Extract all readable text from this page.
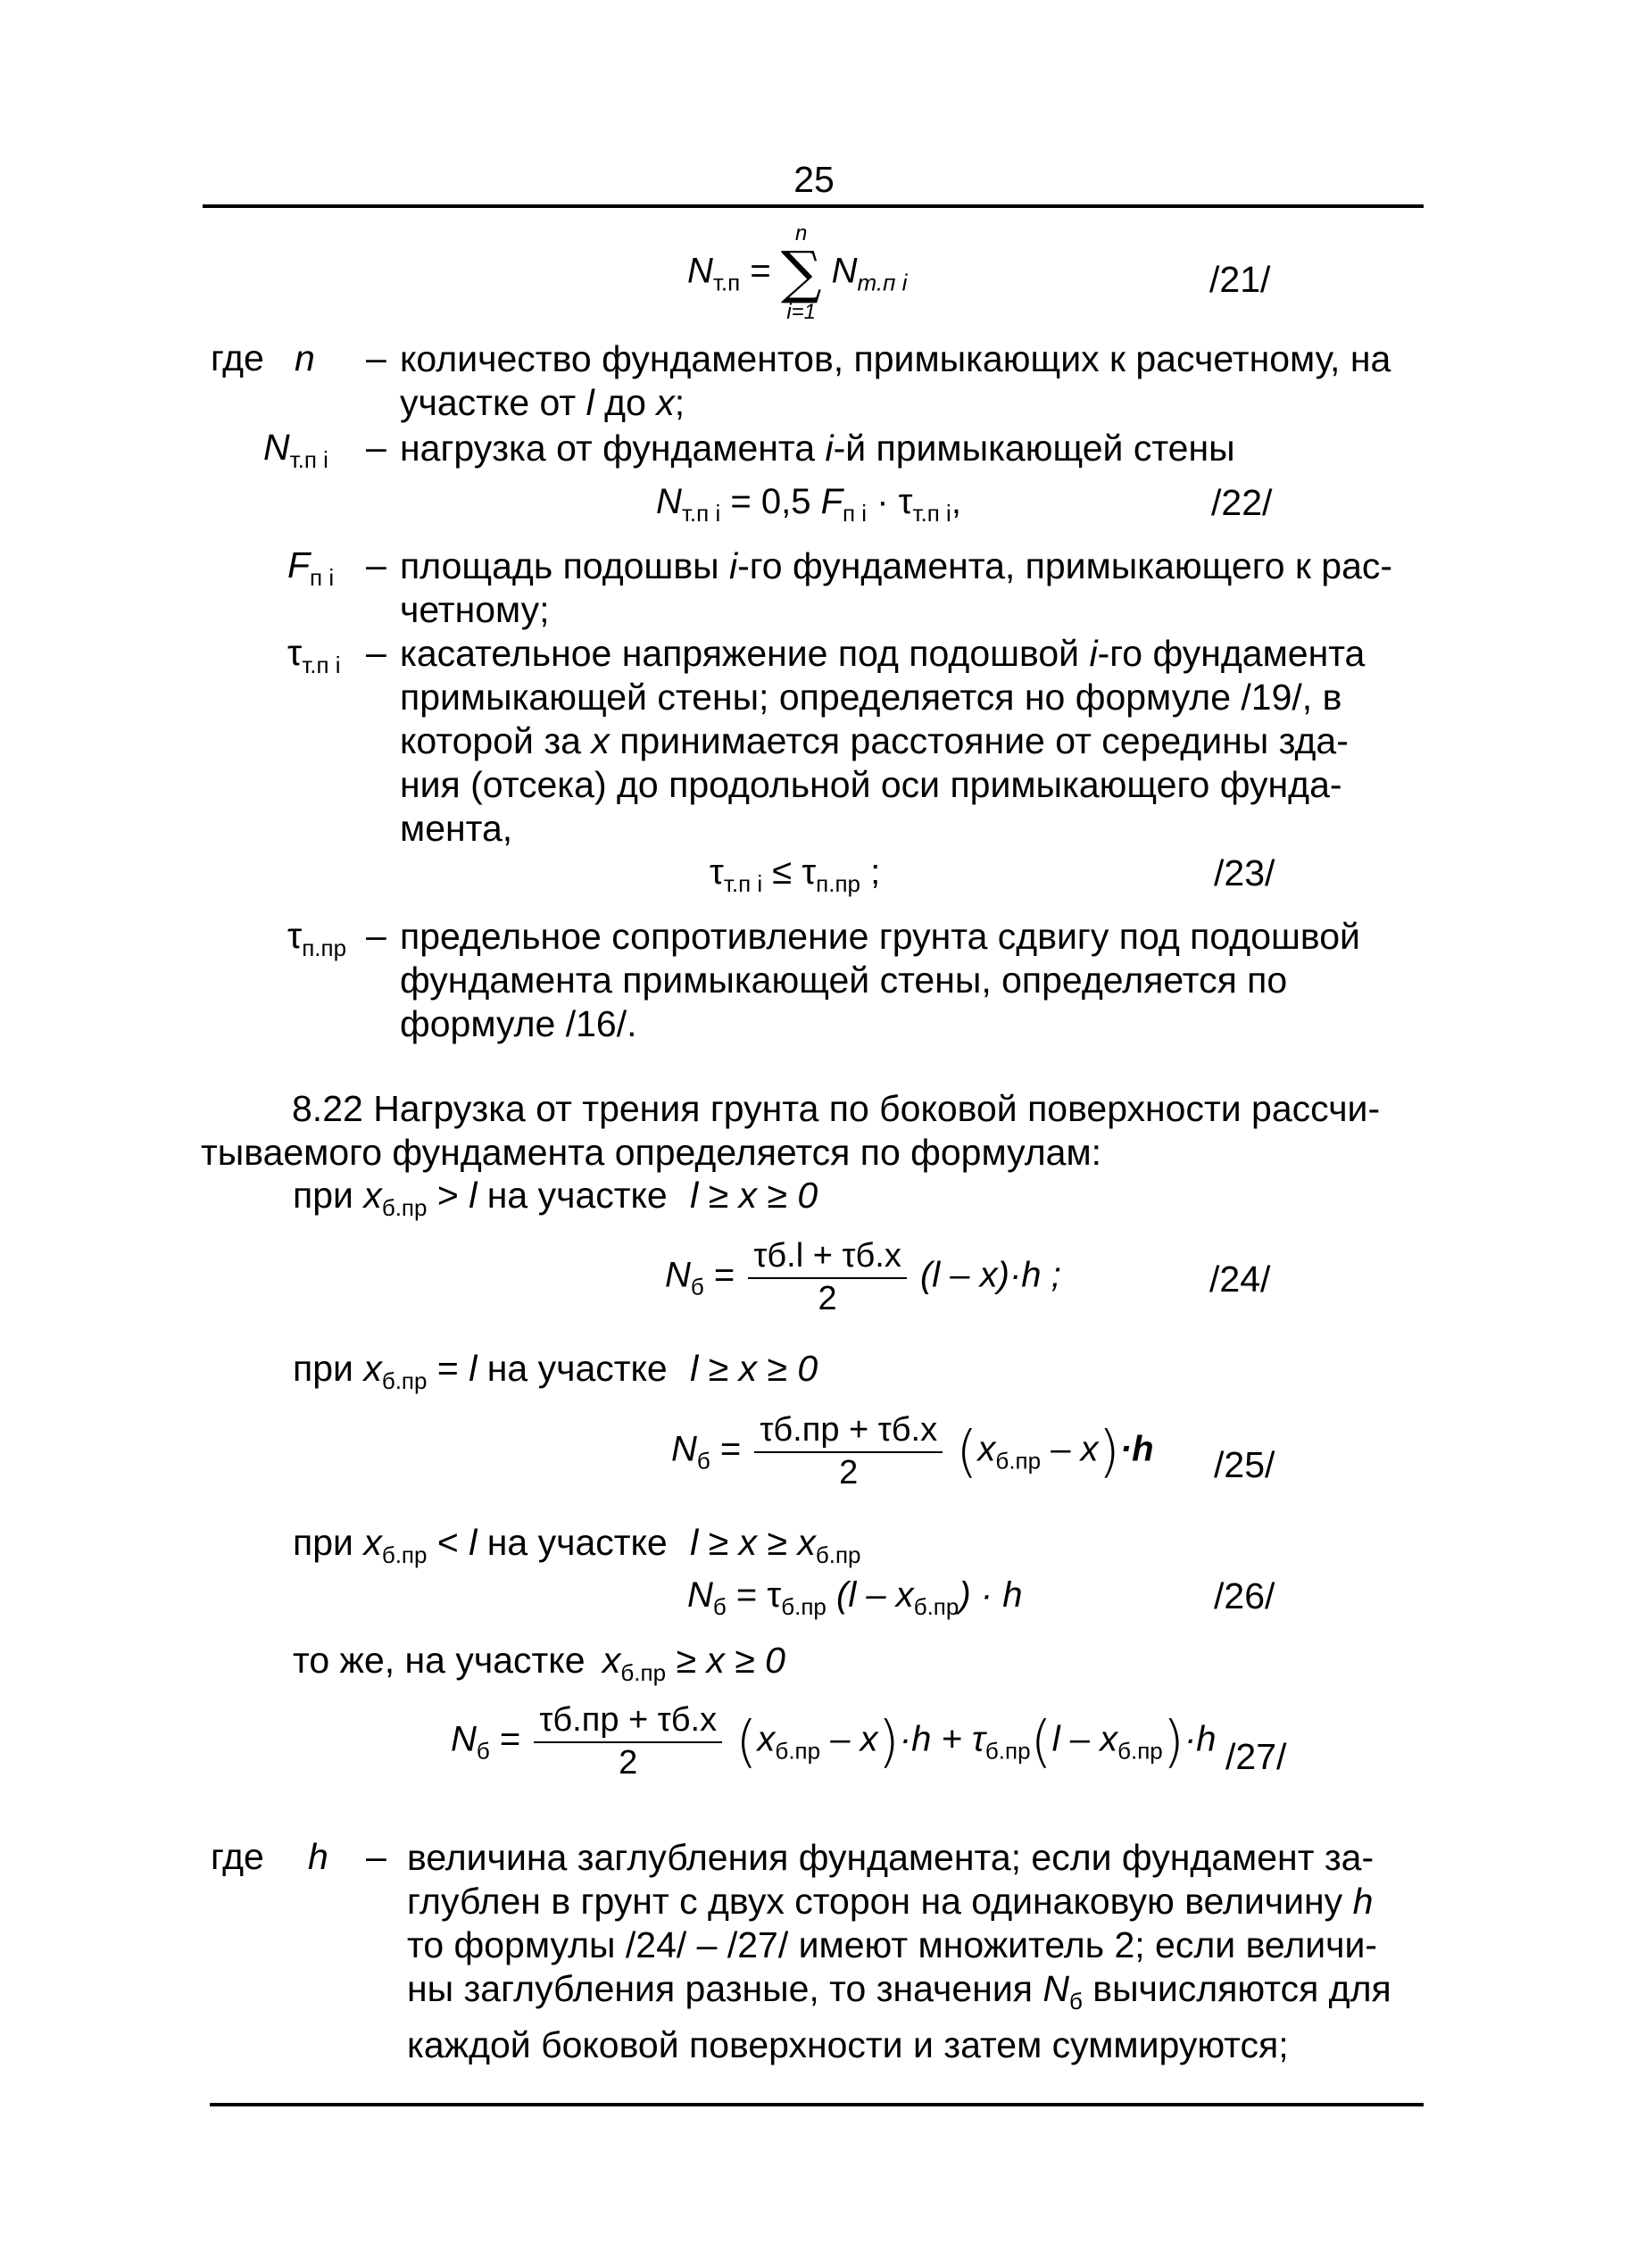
25
$N_{т.п}$ =
n
∑
i=1
$N_{т.п i}$	/21/
где n – количество фундаментов, примыкающих к расчетному, на
участке от l до x;
$N_{т.п i}$ – нагрузка от фундамента i-й примыкающей стены
$N_{т.п i} = 0,5$ $F_{п i} \cdot \tau_{т.п i}$,	/22/
$F_{п i}$ – площадь подошвы i-го фундамента, примыкающего к рас-
четному;
$\tau_{т.п i}$ – касательное напряжение под подошвой i-го фундамента
примыкающей стены; определяется но формуле /19/, в
которой за x принимается расстояние от середины зда-
ния (отсека) до продольной оси примыкающего фунда-
мента,
$\tau_{т.п i} \le \tau_{п.пр}$ ;	/23/
$\tau_{п.пр}$ – предельное сопротивление грунта сдвигу под подошвой
фундамента примыкающей стены, определяется по
формуле /16/.
8.22 Нагрузка от трения грунта по боковой поверхности рассчи-
тываемого фундамента определяется по формулам:
при $x_{б.пр} > l$ на участке l ≥ x ≥ 0
$N_б = \frac{\tau б.l + \tau б.x}{2} (l - x)\cdot h$ ;	/24/
при $x_{б.пр} = l$ на участке l ≥ x ≥ 0
$N_б = \frac{\tau б.пр + \tau б.x}{2} (x_{б.пр} - x)\cdot h$ /25/
при $x_{б.пр} < l$ на участке $l \ge x \ge x_{б.пр}$
$N_б = \tau_{б.пр}$ $(l - x_{б.пр}) \cdot h$	/26/
то же, на участке $x_{б.пр} \ge x \ge 0$
$N_б = \frac{\tau б.пр + \tau б.x}{2} (x_{б.пр} - x)\cdot h + \tau_{б.пр}(l - x_{б.пр})\cdot h$ /27/
где h – величина заглубления фундамента; если фундамент за-
глублен в грунт с двух сторон на одинаковую величину h
то формулы /24/ – /27/ имеют множитель 2; если величи-
ны заглубления разные, то значения $N_б$ вычисляются для
каждой боковой поверхности и затем суммируются;
